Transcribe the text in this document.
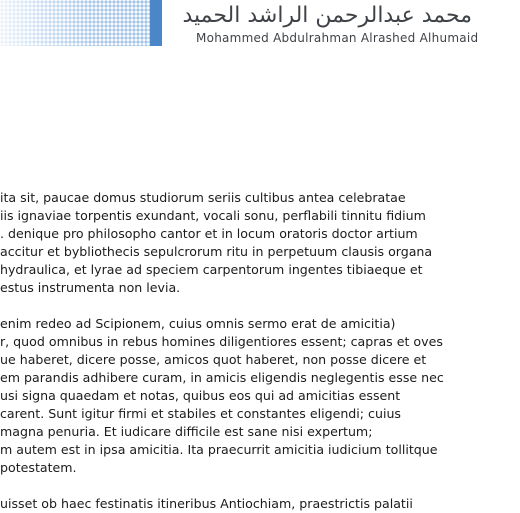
محمد عبدالرحمن الراشد الحميد
Mohammed Abdulrahman Alrashed Alhumaid
ita sit, paucae domus studiorum seriis cultibus antea celebratae
iis ignaviae torpentis exundant, vocali sonu, perflabili tinnitu fidium
. denique pro philosopho cantor et in locum oratoris doctor artium
accitur et bybliothecis sepulcrorum ritu in perpetuum clausis organa
hydraulica, et lyrae ad speciem carpentorum ingentes tibiaeque et
estus instrumenta non levia.
enim redeo ad Scipionem, cuius omnis sermo erat de amicitia)
r, quod omnibus in rebus homines diligentiores essent; capras et oves
ue haberet, dicere posse, amicos quot haberet, non posse dicere et
em parandis adhibere curam, in amicis eligendis neglegentis esse nec
usi signa quaedam et notas, quibus eos qui ad amicitias essent
carent. Sunt igitur firmi et stabiles et constantes eligendi; cuius
magna penuria. Et iudicare difficile est sane nisi expertum;
m autem est in ipsa amicitia. Ita praecurrit amicitia iudicium tollitque
potestatem.
uisset ob haec festinatis itineribus Antiochiam, praestrictis palatii
